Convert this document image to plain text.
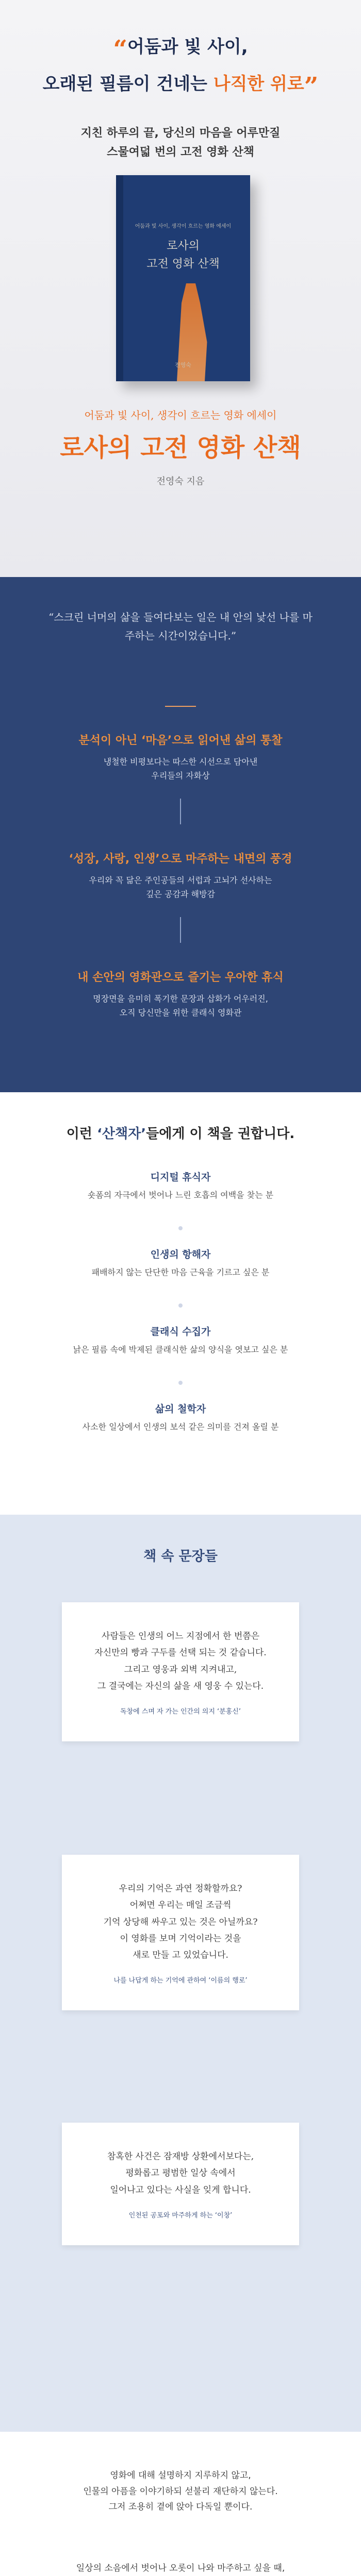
“어둠과 빛 사이,
오래된 필름이 건네는 나직한 위로”
지친 하루의 끝, 당신의 마음을 어루만질
스물여덟 번의 고전 영화 산책
어둠과 빛 사이, 생각이 흐르는 영화 에세이
로사의
고전 영화 산책
전영숙
어둠과 빛 사이, 생각이 흐르는 영화 에세이
로사의 고전 영화 산책
전영숙 지음
“스크린 너머의 삶을 들여다보는 일은 내 안의 낯선 나를 마주하는 시간이었습니다.”
분석이 아닌 ‘마음’으로 읽어낸 삶의 통찰
냉철한 비평보다는 따스한 시선으로 담아낸
우리들의 자화상
‘성장, 사랑, 인생’으로 마주하는 내면의 풍경
우리와 꼭 닮은 주인공들의 서럽과 고뇌가 선사하는
깊은 공감과 해방감
내 손안의 영화관으로 즐기는 우아한 휴식
명장면을 음미히 폭기한 문장과 삽화가 어우러진,
오직 당신만을 위한 클래식 영화관
이런 ‘산책자’들에게 이 책을 권합니다.
디지털 휴식자
숏폼의 자극에서 벗어나 느린 호흡의 여백을 찾는 분
인생의 항해자
패배하지 않는 단단한 마음 근육을 기르고 싶은 분
클래식 수집가
낡은 필름 속에 박제된 클래식한 삶의 양식을 엿보고 싶은 분
삶의 철학자
사소한 일상에서 인생의 보석 같은 의미를 건져 올릴 분
책 속 문장들
사람들은 인생의 어느 지점에서 한 번쯤은
자신만의 빵과 구두를 선택 되는 것 같습니다.
그리고 영웅과 외벽 지켜내고,
그 결국에는 자신의 삶을 새 영웅 수 있는다.
독창에 스며 자 가는 인간의 의지 ‘분홍신’
우리의 기억은 과연 정확할까요?
어쩌면 우리는 매일 조금씩
기억 상당해 싸우고 있는 것은 아닐까요?
이 영화를 보며 기억이라는 것을
새로 만들 고 있었습니다.
나를 나답게 하는 기억에 관하여 ‘이름의 행로’
참혹한 사건은 잠재방 상환에서보다는,
평화롭고 평범한 일상 속에서
일어나고 있다는 사실을 잊게 합니다.
인천된 공포와 마주하게 하는 ‘이창’
영화에 대해 설명하지 지루하지 않고,
인물의 아픔을 이야기하되 섣불리 재단하지 않는다.
그저 조용히 곁에 앉아 다독일 뿐이다.
일상의 소음에서 벗어나 오롯이 나와 마주하고 싶을 때,
